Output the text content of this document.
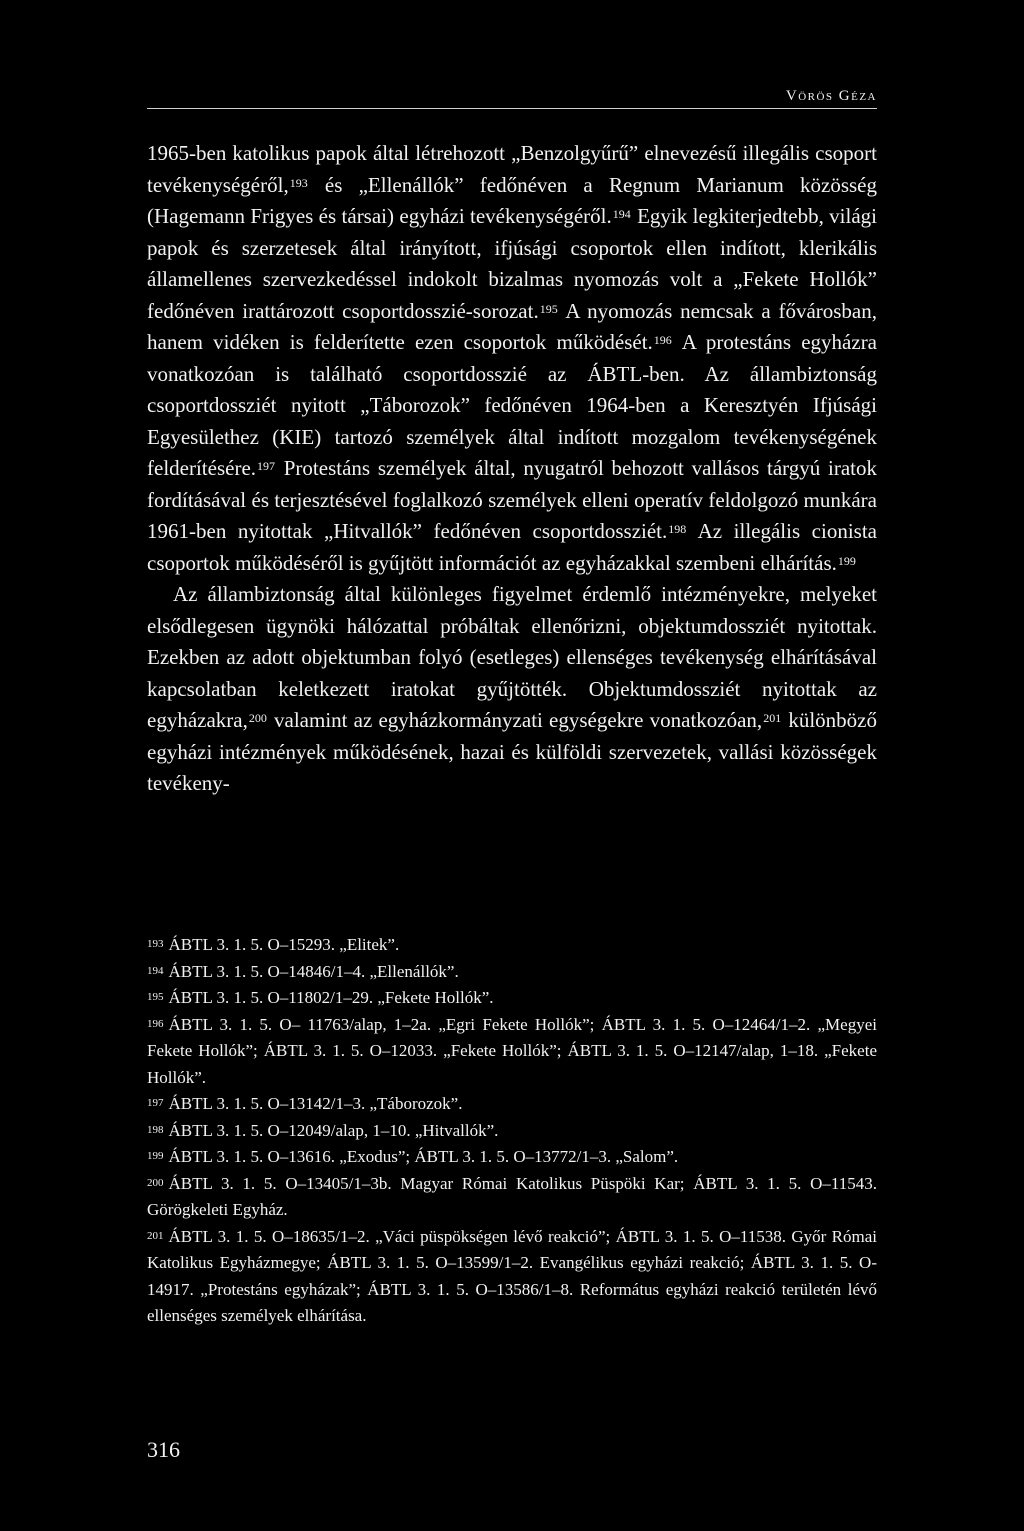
Vörös Géza

1965-ben katolikus papok által létrehozott „Benzolgyűrű” elnevezésű illegális csoport tevékenységéről,$^{193}$ és „Ellenállók” fedőnéven a Regnum Marianum közösség (Hagemann Frigyes és társai) egyházi tevékenységéről.$^{194}$ Egyik legkiterjedtebb, világi papok és szerzetesek által irányított, ifjúsági csoportok ellen indított, klerikális államellenes szervezkedéssel indokolt bizalmas nyomozás volt a „Fekete Hollók” fedőnéven irattározott csoportdosszié-sorozat.$^{195}$ A nyomozás nemcsak a fővárosban, hanem vidéken is felderítette ezen csoportok működését.$^{196}$ A protestáns egyházra vonatkozóan is található csoportdosszié az ÁBTL-ben. Az állambiztonság csoportdossziét nyitott „Táborozok” fedőnéven 1964-ben a Keresztyén Ifjúsági Egyesülethez (KIE) tartozó személyek által indított mozgalom tevékenységének felderítésére.$^{197}$ Protestáns személyek által, nyugatról behozott vallásos tárgyú iratok fordításával és terjesztésével foglalkozó személyek elleni operatív feldolgozó munkára 1961-ben nyitottak „Hitvallók” fedőnéven csoportdossziét.$^{198}$ Az illegális cionista csoportok működéséről is gyűjtött információt az egyházakkal szembeni elhárítás.$^{199}$

Az állambiztonság által különleges figyelmet érdemlő intézményekre, melyeket elsődlegesen ügynöki hálózattal próbáltak ellenőrizni, objektumdossziét nyitottak. Ezekben az adott objektumban folyó (esetleges) ellenséges tevékenység elhárításával kapcsolatban keletkezett iratokat gyűjtötték. Objektumdossziét nyitottak az egyházakra,$^{200}$ valamint az egyházkormányzati egységekre vonatkozóan,$^{201}$ különböző egyházi intézmények működésének, hazai és külföldi szervezetek, vallási közösségek tevékeny-

$^{193}$ ÁBTL 3. 1. 5. O–15293. „Elitek”.

$^{194}$ ÁBTL 3. 1. 5. O–14846/1–4. „Ellenállók”.

$^{195}$ ÁBTL 3. 1. 5. O–11802/1–29. „Fekete Hollók”.

$^{196}$ ÁBTL 3. 1. 5. O– 11763/alap, 1–2a. „Egri Fekete Hollók”; ÁBTL 3. 1. 5. O–12464/1–2. „Megyei Fekete Hollók”; ÁBTL 3. 1. 5. O–12033. „Fekete Hollók”; ÁBTL 3. 1. 5. O–12147/alap, 1–18. „Fekete Hollók”.

$^{197}$ ÁBTL 3. 1. 5. O–13142/1–3. „Táborozok”.

$^{198}$ ÁBTL 3. 1. 5. O–12049/alap, 1–10. „Hitvallók”.

$^{199}$ ÁBTL 3. 1. 5. O–13616. „Exodus”; ÁBTL 3. 1. 5. O–13772/1–3. „Salom”.

$^{200}$ ÁBTL 3. 1. 5. O–13405/1–3b. Magyar Római Katolikus Püspöki Kar; ÁBTL 3. 1. 5. O–11543. Görögkeleti Egyház.

$^{201}$ ÁBTL 3. 1. 5. O–18635/1–2. „Váci püspökségen lévő reakció”; ÁBTL 3. 1. 5. O–11538. Győr Római Katolikus Egyházmegye; ÁBTL 3. 1. 5. O–13599/1–2. Evangélikus egyházi reakció; ÁBTL 3. 1. 5. O-14917. „Protestáns egyházak”; ÁBTL 3. 1. 5. O–13586/1–8. Református egyházi reakció területén lévő ellenséges személyek elhárítása.

316
